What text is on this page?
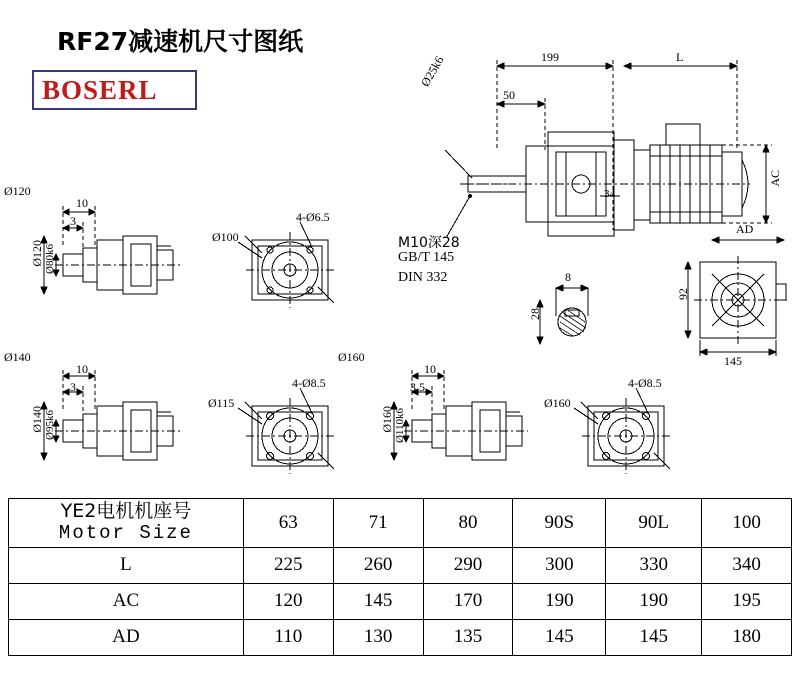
RF27减速机尺寸图纸
BOSERL
Ø120
10
3
Ø120 Ø80k6
Ø100
4-Ø6.5
Ø140
10
3
Ø140 Ø95k6
Ø115
4-Ø8.5
Ø160
10
3.5
Ø160 Ø110k6
Ø160
4-Ø8.5
199	L
50
Ø25k6
34
AC
AD
92
145
8
28
M10深28
GB/T 145
DIN 332
YE2电机机座号
Motor Size	63	71	80	90S	90L	100
L	225	260	290	300	330	340
AC	120	145	170	190	190	195
AD	110	130	135	145	145	180
